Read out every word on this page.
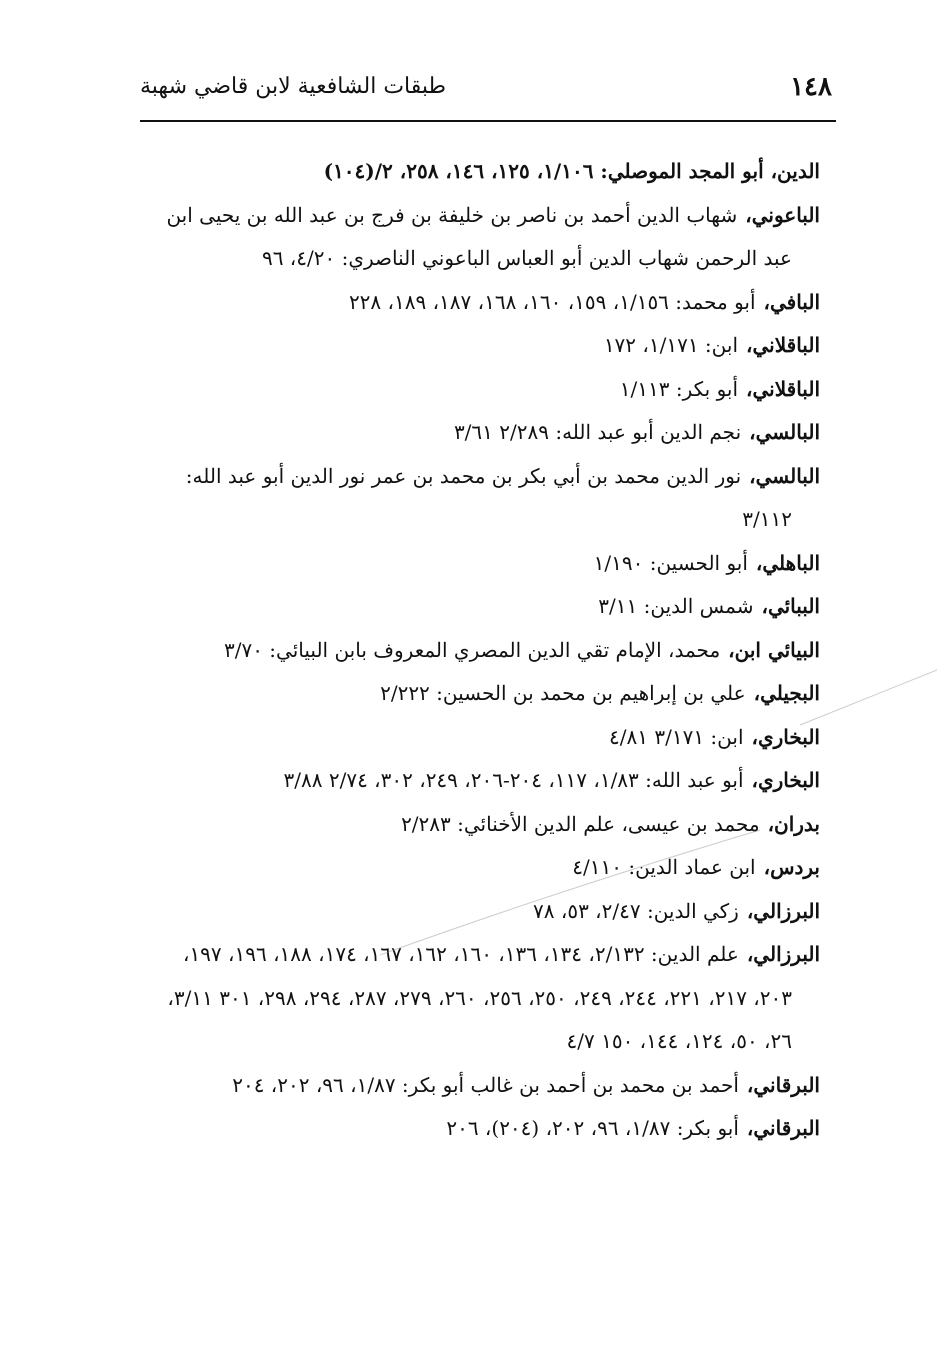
١٤٨
طبقات الشافعية لابن قاضي شهبة
الدين، أبو المجد الموصلي: ١/١٠٦، ١٢٥، ١٤٦، ٢٥٨، ٢/(١٠٤)
الباعوني،شهاب الدين أحمد بن ناصر بن خليفة بن فرج بن عبد الله بن يحيى ابن عبد الرحمن شهاب الدين أبو العباس الباعوني الناصري: ٤/٢٠، ٩٦
البافي،أبو محمد: ١/١٥٦، ١٥٩، ١٦٠، ١٦٨، ١٨٧، ١٨٩، ٢٢٨
الباقلاني،ابن: ١/١٧١، ١٧٢
الباقلاني،أبو بكر: ١/١١٣
البالسي،نجم الدين أبو عبد الله: ٢/٢٨٩ ٣/٦١
البالسي،نور الدين محمد بن أبي بكر بن محمد بن عمر نور الدين أبو عبد الله: ٣/١١٢
الباهلي،أبو الحسين: ١/١٩٠
الببائي،شمس الدين: ٣/١١
البيائي ابن،محمد، الإمام تقي الدين المصري المعروف بابن البيائي: ٣/٧٠
البجيلي،علي بن إبراهيم بن محمد بن الحسين: ٢/٢٢٢
البخاري،ابن: ٣/١٧١ ٤/٨١
البخاري،أبو عبد الله: ١/٨٣، ١١٧، ٢٠٤-٢٠٦، ٢٤٩، ٣٠٢، ٢/٧٤ ٣/٨٨
بدران،محمد بن عيسى، علم الدين الأخنائي: ٢/٢٨٣
بردس،ابن عماد الدين: ٤/١١٠
البرزالي،زكي الدين: ٢/٤٧، ٥٣، ٧٨
البرزالي،علم الدين: ٢/١٣٢، ١٣٤، ١٣٦، ١٦٠، ١٦٢، ١٦٧، ١٧٤، ١٨٨، ١٩٦، ١٩٧، ٢٠٣، ٢١٧، ٢٢١، ٢٤٤، ٢٤٩، ٢٥٠، ٢٥٦، ٢٦٠، ٢٧٩، ٢٨٧، ٢٩٤، ٢٩٨، ٣٠١ ٣/١١، ٢٦، ٥٠، ١٢٤، ١٤٤، ١٥٠ ٤/٧
البرقاني،أحمد بن محمد بن أحمد بن غالب أبو بكر: ١/٨٧، ٩٦، ٢٠٢، ٢٠٤
البرقاني،أبو بكر: ١/٨٧، ٩٦، ٢٠٢، (٢٠٤)، ٢٠٦
